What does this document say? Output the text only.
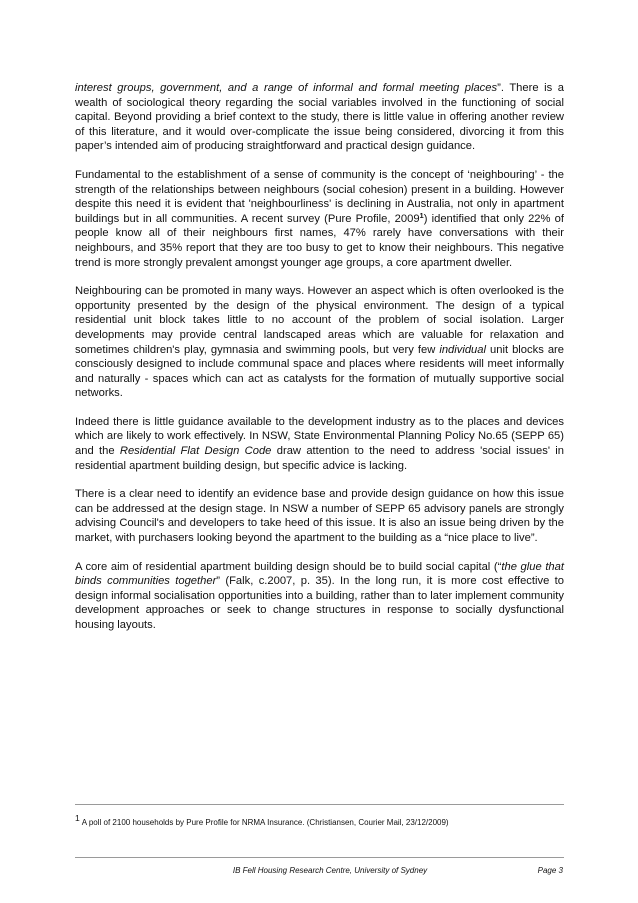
interest groups, government, and a range of informal and formal meeting places”. There is a wealth of sociological theory regarding the social variables involved in the functioning of social capital. Beyond providing a brief context to the study, there is little value in offering another review of this literature, and it would over-complicate the issue being considered, divorcing it from this paper’s intended aim of producing straightforward and practical design guidance.

Fundamental to the establishment of a sense of community is the concept of ‘neighbouring’ - the strength of the relationships between neighbours (social cohesion) present in a building. However despite this need it is evident that 'neighbourliness' is declining in Australia, not only in apartment buildings but in all communities. A recent survey (Pure Profile, 2009$^1$) identified that only 22% of people know all of their neighbours first names, 47% rarely have conversations with their neighbours, and 35% report that they are too busy to get to know their neighbours. This negative trend is more strongly prevalent amongst younger age groups, a core apartment dweller.

Neighbouring can be promoted in many ways. However an aspect which is often overlooked is the opportunity presented by the design of the physical environment. The design of a typical residential unit block takes little to no account of the problem of social isolation. Larger developments may provide central landscaped areas which are valuable for relaxation and sometimes children's play, gymnasia and swimming pools, but very few individual unit blocks are consciously designed to include communal space and places where residents will meet informally and naturally - spaces which can act as catalysts for the formation of mutually supportive social networks.

Indeed there is little guidance available to the development industry as to the places and devices which are likely to work effectively. In NSW, State Environmental Planning Policy No.65 (SEPP 65) and the Residential Flat Design Code draw attention to the need to address 'social issues' in residential apartment building design, but specific advice is lacking.

There is a clear need to identify an evidence base and provide design guidance on how this issue can be addressed at the design stage. In NSW a number of SEPP 65 advisory panels are strongly advising Council's and developers to take heed of this issue. It is also an issue being driven by the market, with purchasers looking beyond the apartment to the building as a “nice place to live”.

A core aim of residential apartment building design should be to build social capital (“the glue that binds communities together” (Falk, c.2007, p. 35). In the long run, it is more cost effective to design informal socialisation opportunities into a building, rather than to later implement community development approaches or seek to change structures in response to socially dysfunctional housing layouts.

$^1$ A poll of 2100 households by Pure Profile for NRMA Insurance. (Christiansen, Courier Mail, 23/12/2009)
IB Fell Housing Research Centre, University of Sydney	Page 3
